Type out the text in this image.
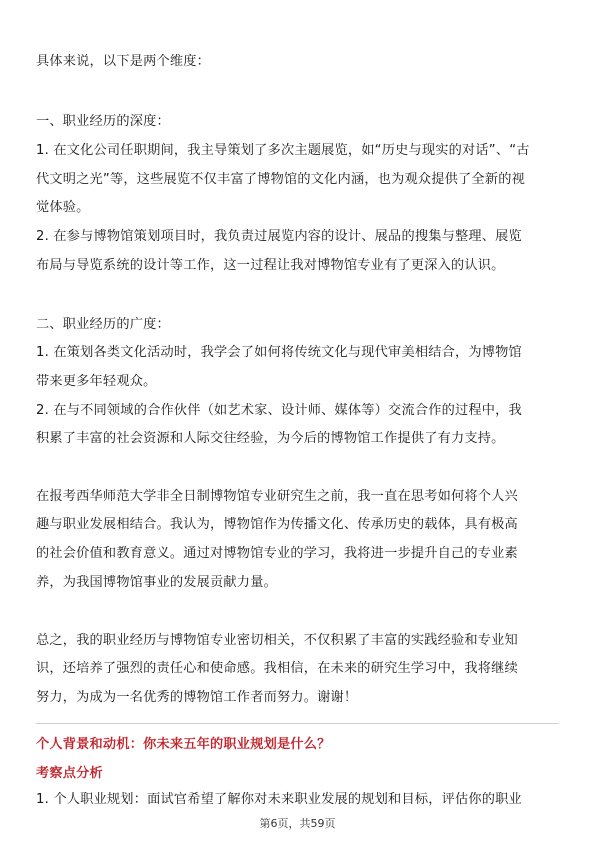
具体来说，以下是两个维度：
一、职业经历的深度：
1. 在文化公司任职期间，我主导策划了多次主题展览，如“历史与现实的对话”、“古
代文明之光”等，这些展览不仅丰富了博物馆的文化内涵，也为观众提供了全新的视
觉体验。
2. 在参与博物馆策划项目时，我负责过展览内容的设计、展品的搜集与整理、展览
布局与导览系统的设计等工作，这一过程让我对博物馆专业有了更深入的认识。
二、职业经历的广度：
1. 在策划各类文化活动时，我学会了如何将传统文化与现代审美相结合，为博物馆
带来更多年轻观众。
2. 在与不同领域的合作伙伴（如艺术家、设计师、媒体等）交流合作的过程中，我
积累了丰富的社会资源和人际交往经验，为今后的博物馆工作提供了有力支持。
在报考西华师范大学非全日制博物馆专业研究生之前，我一直在思考如何将个人兴
趣与职业发展相结合。我认为，博物馆作为传播文化、传承历史的载体，具有极高
的社会价值和教育意义。通过对博物馆专业的学习，我将进一步提升自己的专业素
养，为我国博物馆事业的发展贡献力量。
总之，我的职业经历与博物馆专业密切相关，不仅积累了丰富的实践经验和专业知
识，还培养了强烈的责任心和使命感。我相信，在未来的研究生学习中，我将继续
努力，为成为一名优秀的博物馆工作者而努力。谢谢！
个人背景和动机：你未来五年的职业规划是什么？
考察点分析
1. 个人职业规划：面试官希望了解你对未来职业发展的规划和目标，评估你的职业
第6页，共59页
